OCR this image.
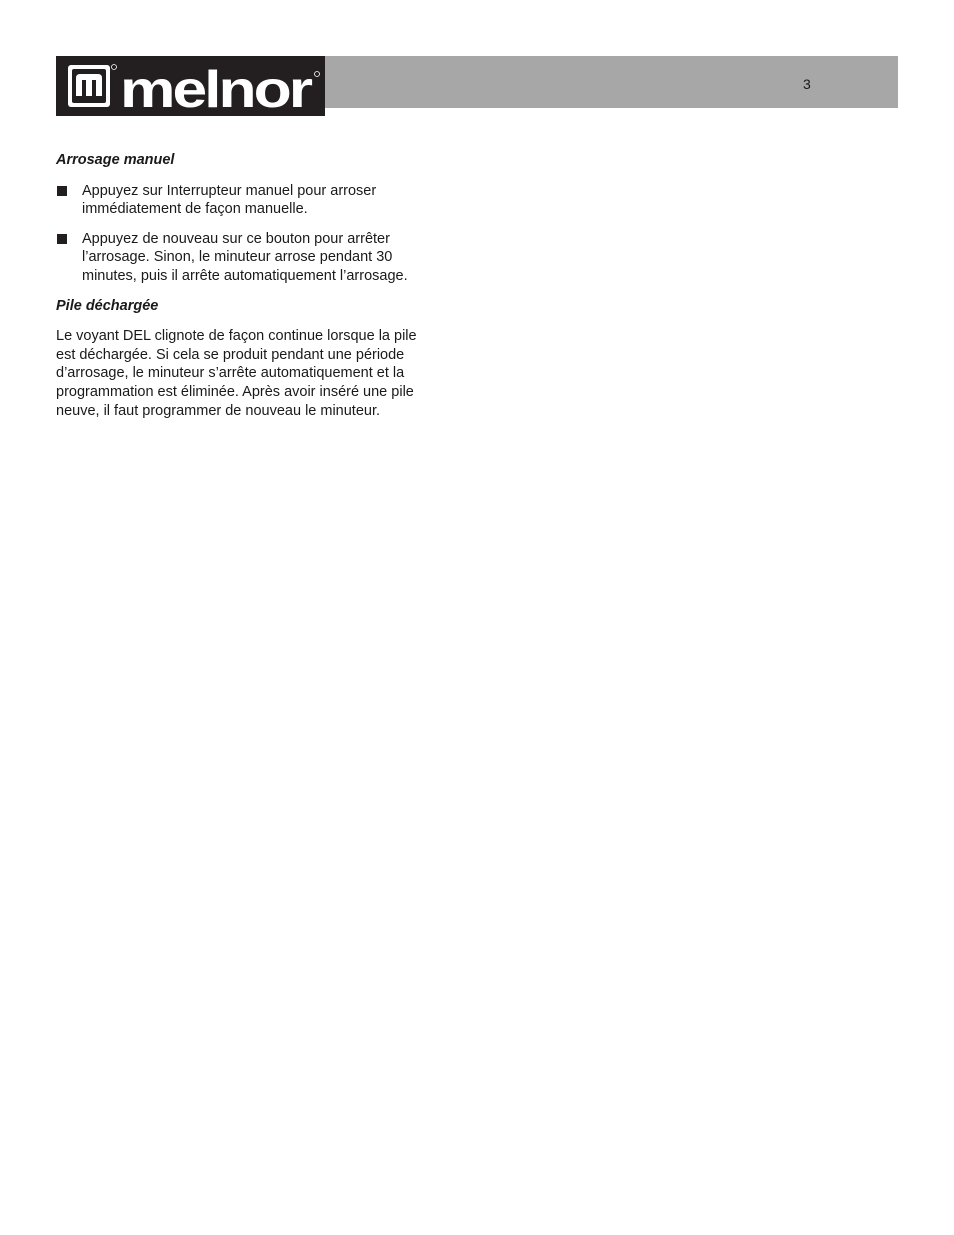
melnor	3
Arrosage manuel
Appuyez sur Interrupteur manuel pour arroser immédiatement de façon manuelle.
Appuyez de nouveau sur ce bouton pour arrêter l’arrosage. Sinon, le minuteur arrose pendant 30 minutes, puis il arrête automatiquement l’arrosage.
Pile déchargée

Le voyant DEL clignote de façon continue lorsque la pile est déchargée. Si cela se produit pendant une période d’arrosage, le minuteur s’arrête automatiquement et la programmation est éliminée. Après avoir inséré une pile neuve, il faut programmer de nouveau le minuteur.
